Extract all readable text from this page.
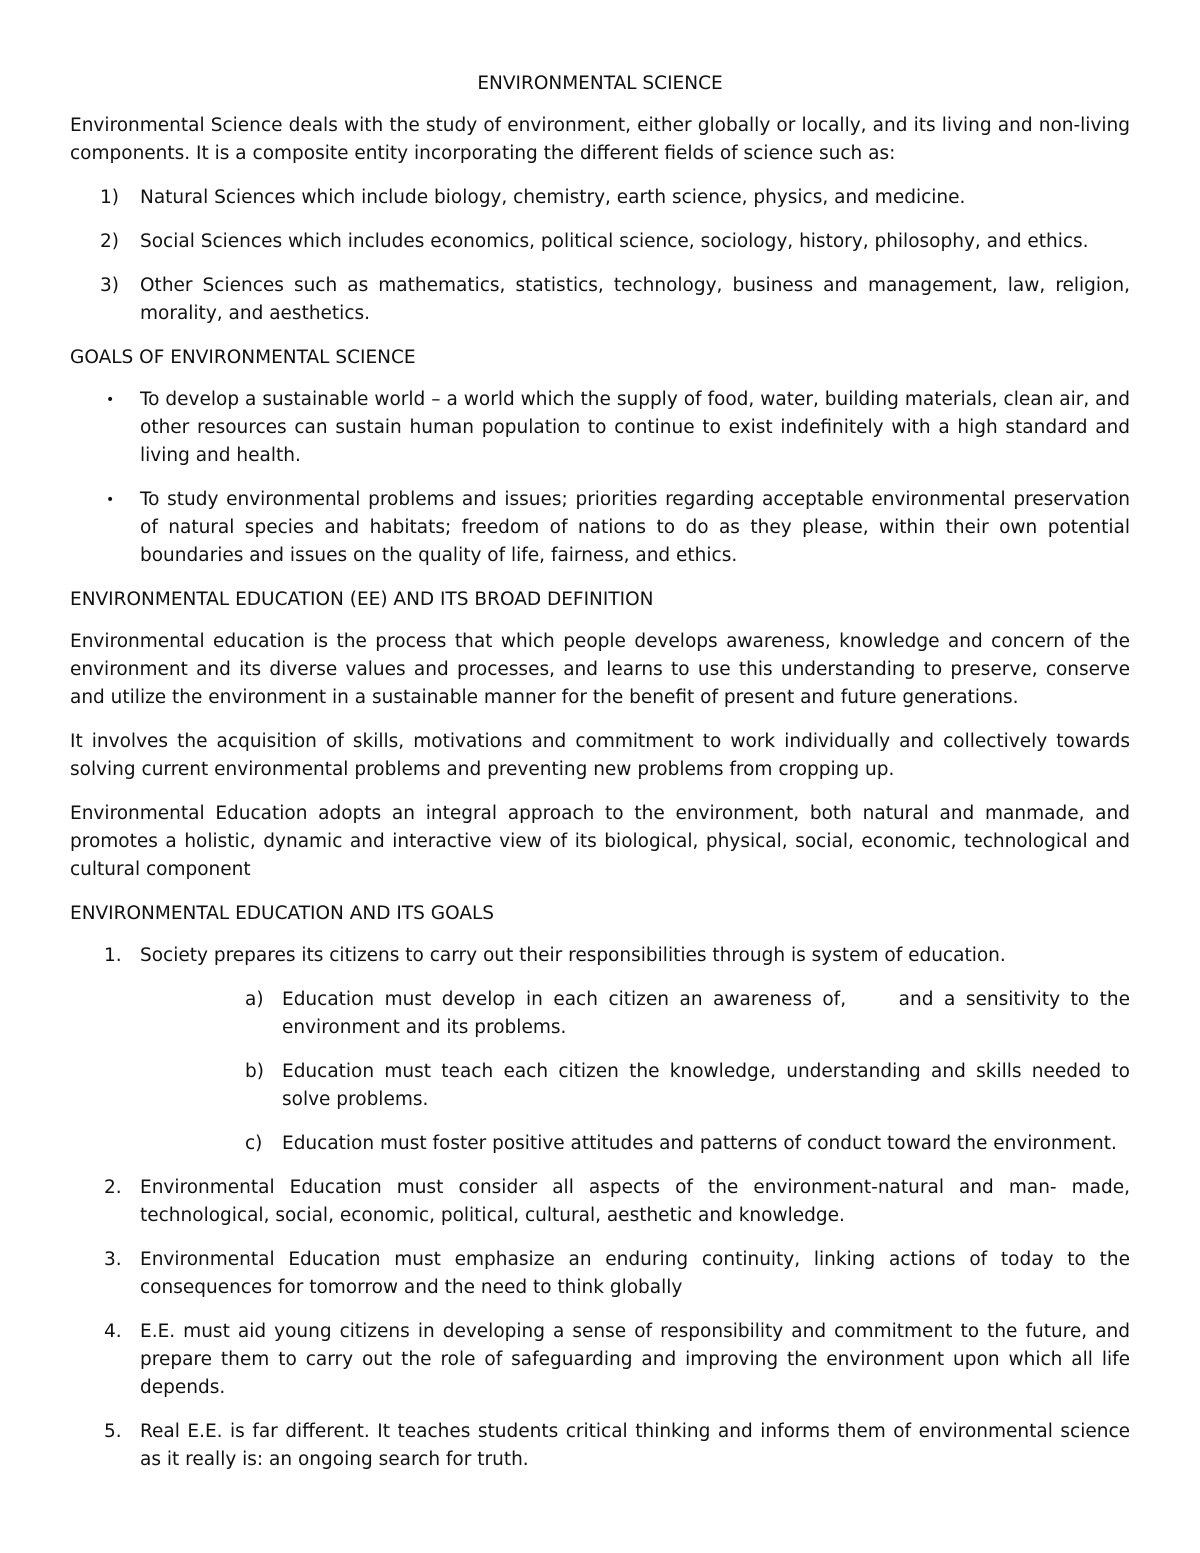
ENVIRONMENTAL SCIENCE

Environmental Science deals with the study of environment, either globally or locally, and its living and non-living components. It is a composite entity incorporating the different fields of science such as:

1) Natural Sciences which include biology, chemistry, earth science, physics, and medicine.
2) Social Sciences which includes economics, political science, sociology, history, philosophy, and ethics.
3) Other Sciences such as mathematics, statistics, technology, business and management, law, religion, morality, and aesthetics.
GOALS OF ENVIRONMENTAL SCIENCE
• To develop a sustainable world – a world which the supply of food, water, building materials, clean air, and other resources can sustain human population to continue to exist indefinitely with a high standard and living and health.
• To study environmental problems and issues; priorities regarding acceptable environmental preservation of natural species and habitats; freedom of nations to do as they please, within their own potential boundaries and issues on the quality of life, fairness, and ethics.
ENVIRONMENTAL EDUCATION (EE) AND ITS BROAD DEFINITION

Environmental education is the process that which people develops awareness, knowledge and concern of the environment and its diverse values and processes, and learns to use this understanding to preserve, conserve and utilize the environment in a sustainable manner for the benefit of present and future generations.

It involves the acquisition of skills, motivations and commitment to work individually and collectively towards solving current environmental problems and preventing new problems from cropping up.

Environmental Education adopts an integral approach to the environment, both natural and manmade, and promotes a holistic, dynamic and interactive view of its biological, physical, social, economic, technological and cultural component

ENVIRONMENTAL EDUCATION AND ITS GOALS
1. Society prepares its citizens to carry out their responsibilities through is system of education.
a) Education must develop in each citizen an awareness of,     and a sensitivity to the environment and its problems.
b) Education must teach each citizen the knowledge, understanding and skills needed to solve problems.
c) Education must foster positive attitudes and patterns of conduct toward the environment.
2. Environmental Education must consider all aspects of the environment-natural and man- made, technological, social, economic, political, cultural, aesthetic and knowledge.
3. Environmental Education must emphasize an enduring continuity, linking actions of today to the consequences for tomorrow and the need to think globally
4. E.E. must aid young citizens in developing a sense of responsibility and commitment to the future, and prepare them to carry out the role of safeguarding and improving the environment upon which all life depends.
5. Real E.E. is far different. It teaches students critical thinking and informs them of environmental science as it really is: an ongoing search for truth.
